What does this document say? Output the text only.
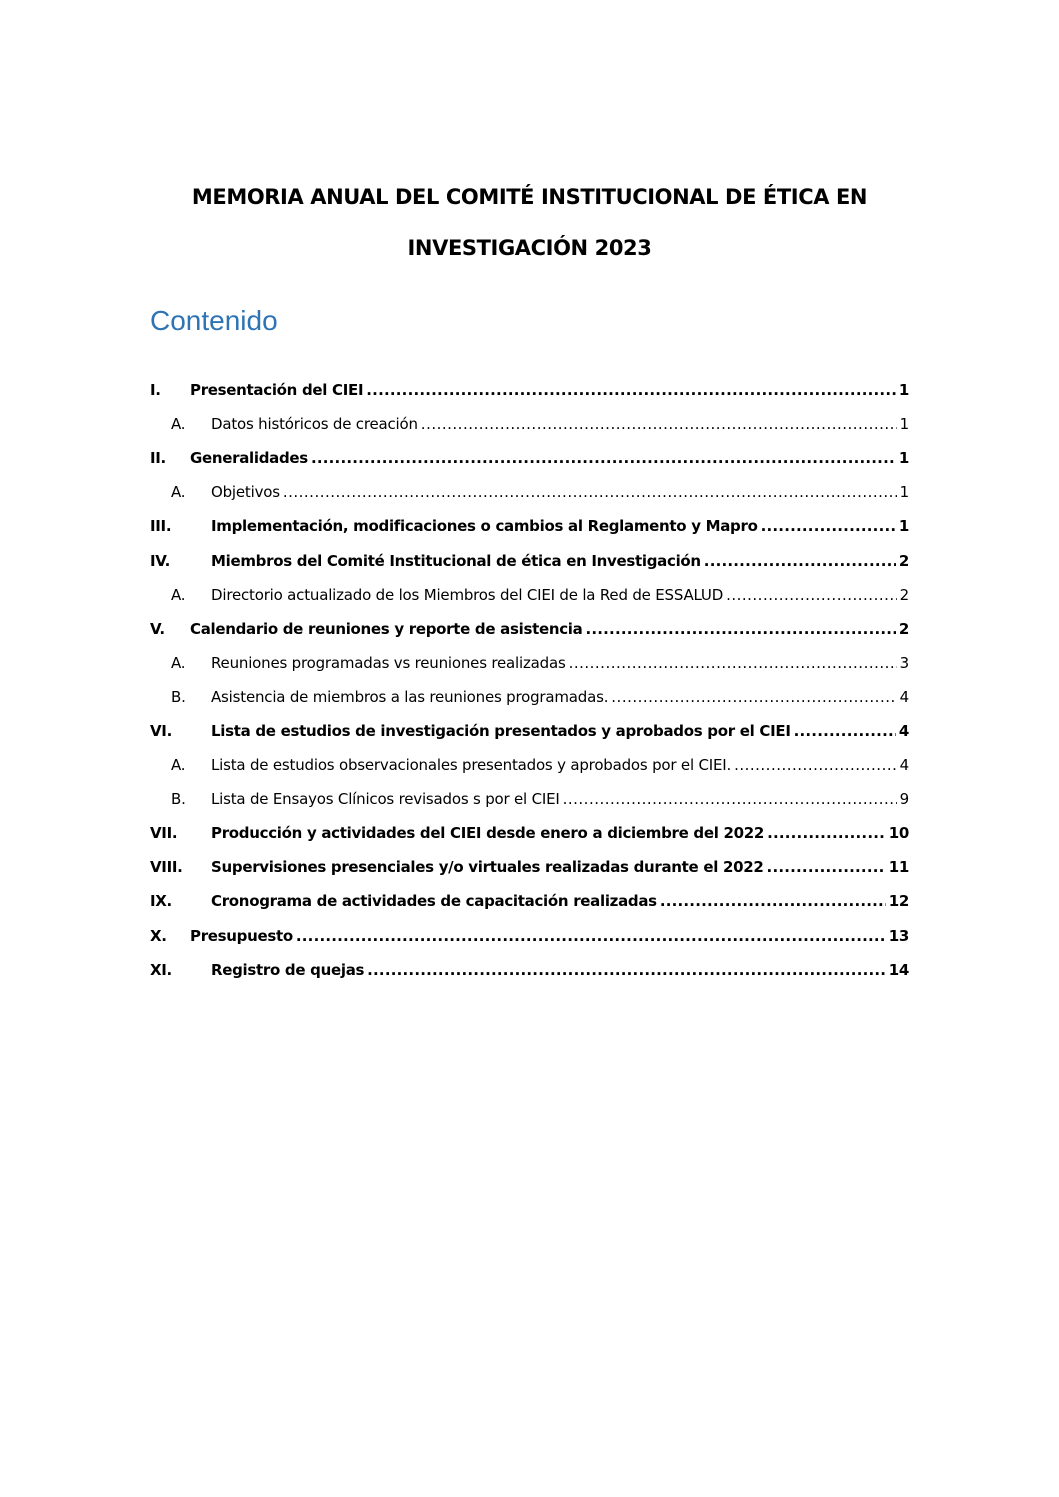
MEMORIA ANUAL DEL COMITÉ INSTITUCIONAL DE ÉTICA EN
INVESTIGACIÓN 2023
Contenido
I.	Presentación del CIEI .....	1
A.	Datos históricos de creación .....	1
II.	Generalidades .....	1
A.	Objetivos .....	1
III.	Implementación, modificaciones o cambios al Reglamento y Mapro .....	1
IV.	Miembros del Comité Institucional de ética en Investigación .....	2
A.	Directorio actualizado de los Miembros del CIEI de la Red de ESSALUD .....	2
V.	Calendario de reuniones y reporte de asistencia .....	2
A.	Reuniones programadas vs reuniones realizadas .....	3
B.	Asistencia de miembros a las reuniones programadas. .....	4
VI.	Lista de estudios de investigación presentados y aprobados por el CIEI .....	4
A.	Lista de estudios observacionales presentados y aprobados por el CIEI. .....	4
B.	Lista de Ensayos Clínicos revisados s por el CIEI .....	9
VII.	Producción y actividades del CIEI desde enero a diciembre del 2022 .....	10
VIII.	Supervisiones presenciales y/o virtuales realizadas durante el 2022 .....	11
IX.	Cronograma de actividades de capacitación realizadas .....	12
X.	Presupuesto .....	13
XI.	Registro de quejas .....	14
